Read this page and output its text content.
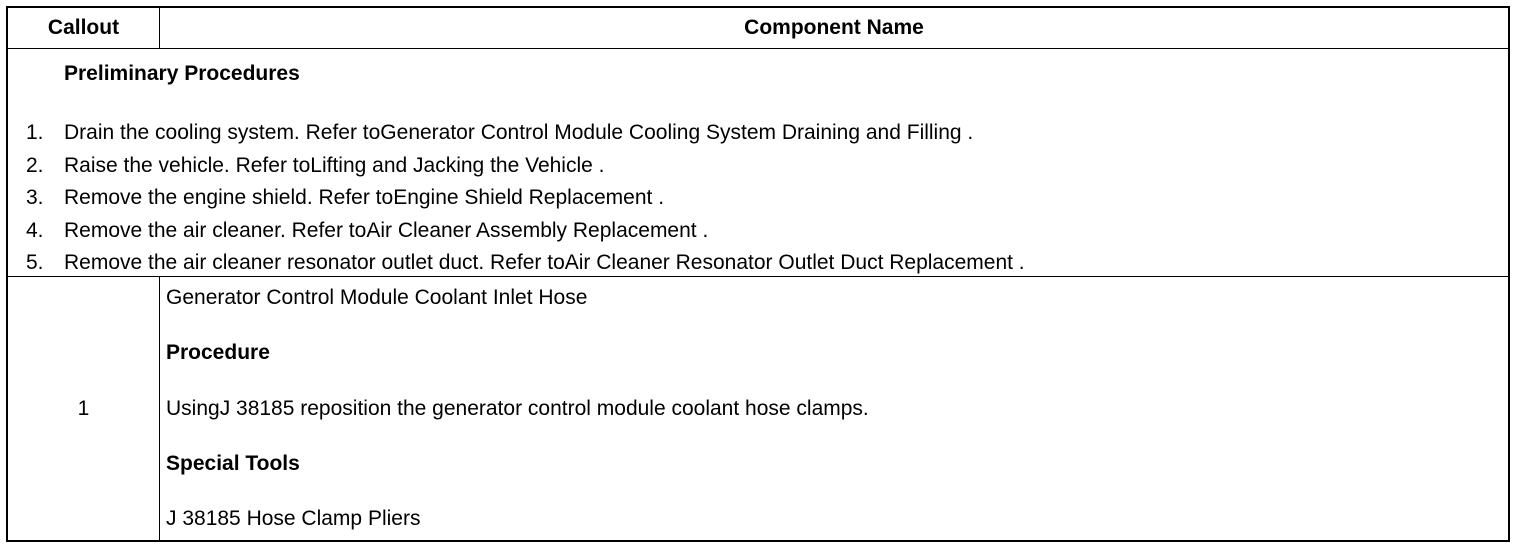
Callout	Component Name
Preliminary Procedures
1. Drain the cooling system. Refer toGenerator Control Module Cooling System Draining and Filling .
2. Raise the vehicle. Refer toLifting and Jacking the Vehicle .
3. Remove the engine shield. Refer toEngine Shield Replacement .
4. Remove the air cleaner. Refer toAir Cleaner Assembly Replacement .
5. Remove the air cleaner resonator outlet duct. Refer toAir Cleaner Resonator Outlet Duct Replacement .
1
Generator Control Module Coolant Inlet Hose
Procedure
UsingJ 38185 reposition the generator control module coolant hose clamps.
Special Tools
J 38185 Hose Clamp Pliers
